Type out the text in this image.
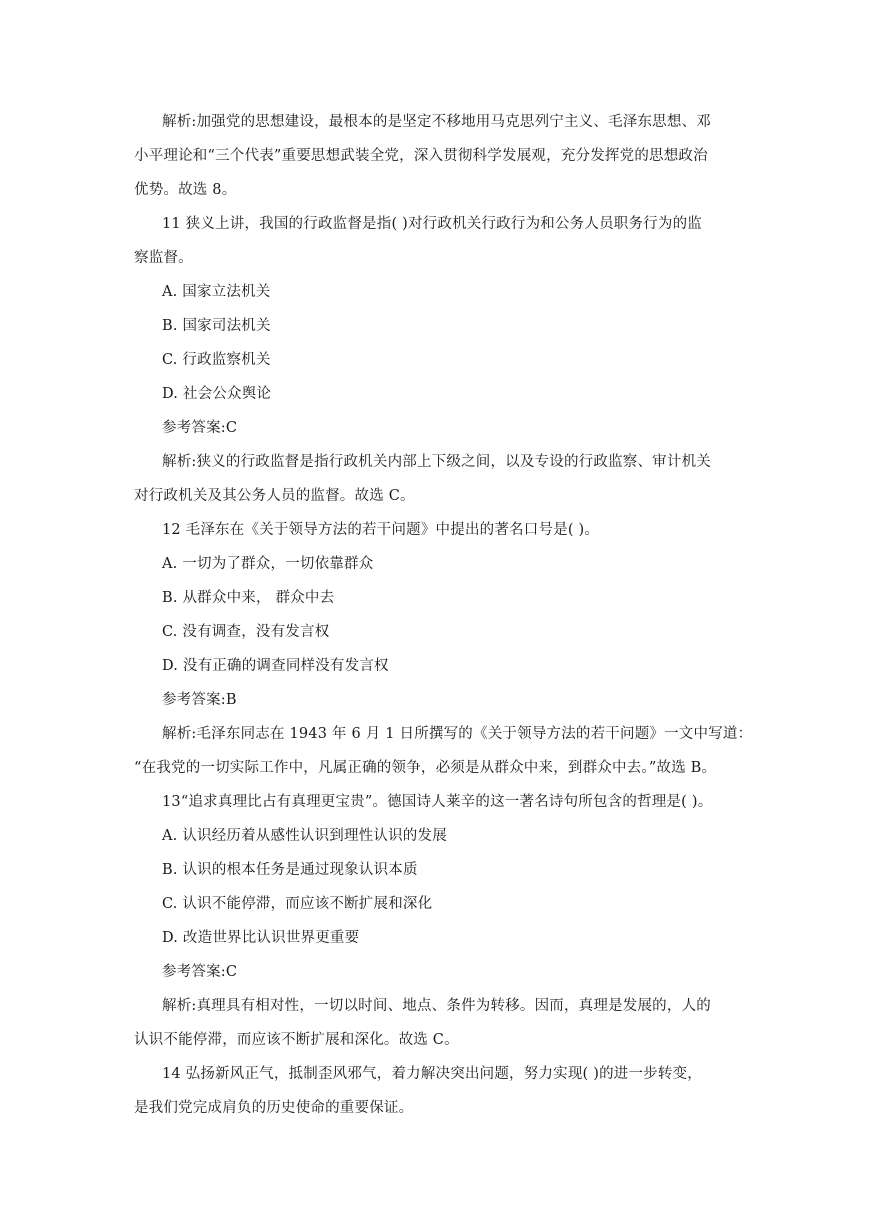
解析:加强党的思想建设，最根本的是坚定不移地用马克思列宁主义、毛泽东思想、邓
小平理论和“三个代表”重要思想武装全党，深入贯彻科学发展观，充分发挥党的思想政治
优势。故选 8。
11 狭义上讲，我国的行政监督是指( )对行政机关行政行为和公务人员职务行为的监
察监督。
A. 国家立法机关
B. 国家司法机关
C. 行政监察机关
D. 社会公众舆论
参考答案:C
解析:狭义的行政监督是指行政机关内部上下级之间，以及专设的行政监察、审计机关
对行政机关及其公务人员的监督。故选 C。
12 毛泽东在《关于领导方法的若干问题》中提出的著名口号是( )。
A. 一切为了群众，一切依靠群众
B. 从群众中来， 群众中去
C. 没有调查，没有发言权
D. 没有正确的调查同样没有发言权
参考答案:B
解析:毛泽东同志在 1943 年 6 月 1 日所撰写的《关于领导方法的若干问题》一文中写道：
“在我党的一切实际工作中，凡属正确的领争，必须是从群众中来，到群众中去。”故选 B。
13“追求真理比占有真理更宝贵”。德国诗人莱辛的这一著名诗句所包含的哲理是( )。
A. 认识经历着从感性认识到理性认识的发展
B. 认识的根本任务是通过现象认识本质
C. 认识不能停滞，而应该不断扩展和深化
D. 改造世界比认识世界更重要
参考答案:C
解析:真理具有相对性，一切以时间、地点、条件为转移。因而，真理是发展的，人的
认识不能停滞，而应该不断扩展和深化。故选 C。
14 弘扬新风正气，抵制歪风邪气，着力解决突出问题，努力实现( )的进一步转变，
是我们党完成肩负的历史使命的重要保证。
